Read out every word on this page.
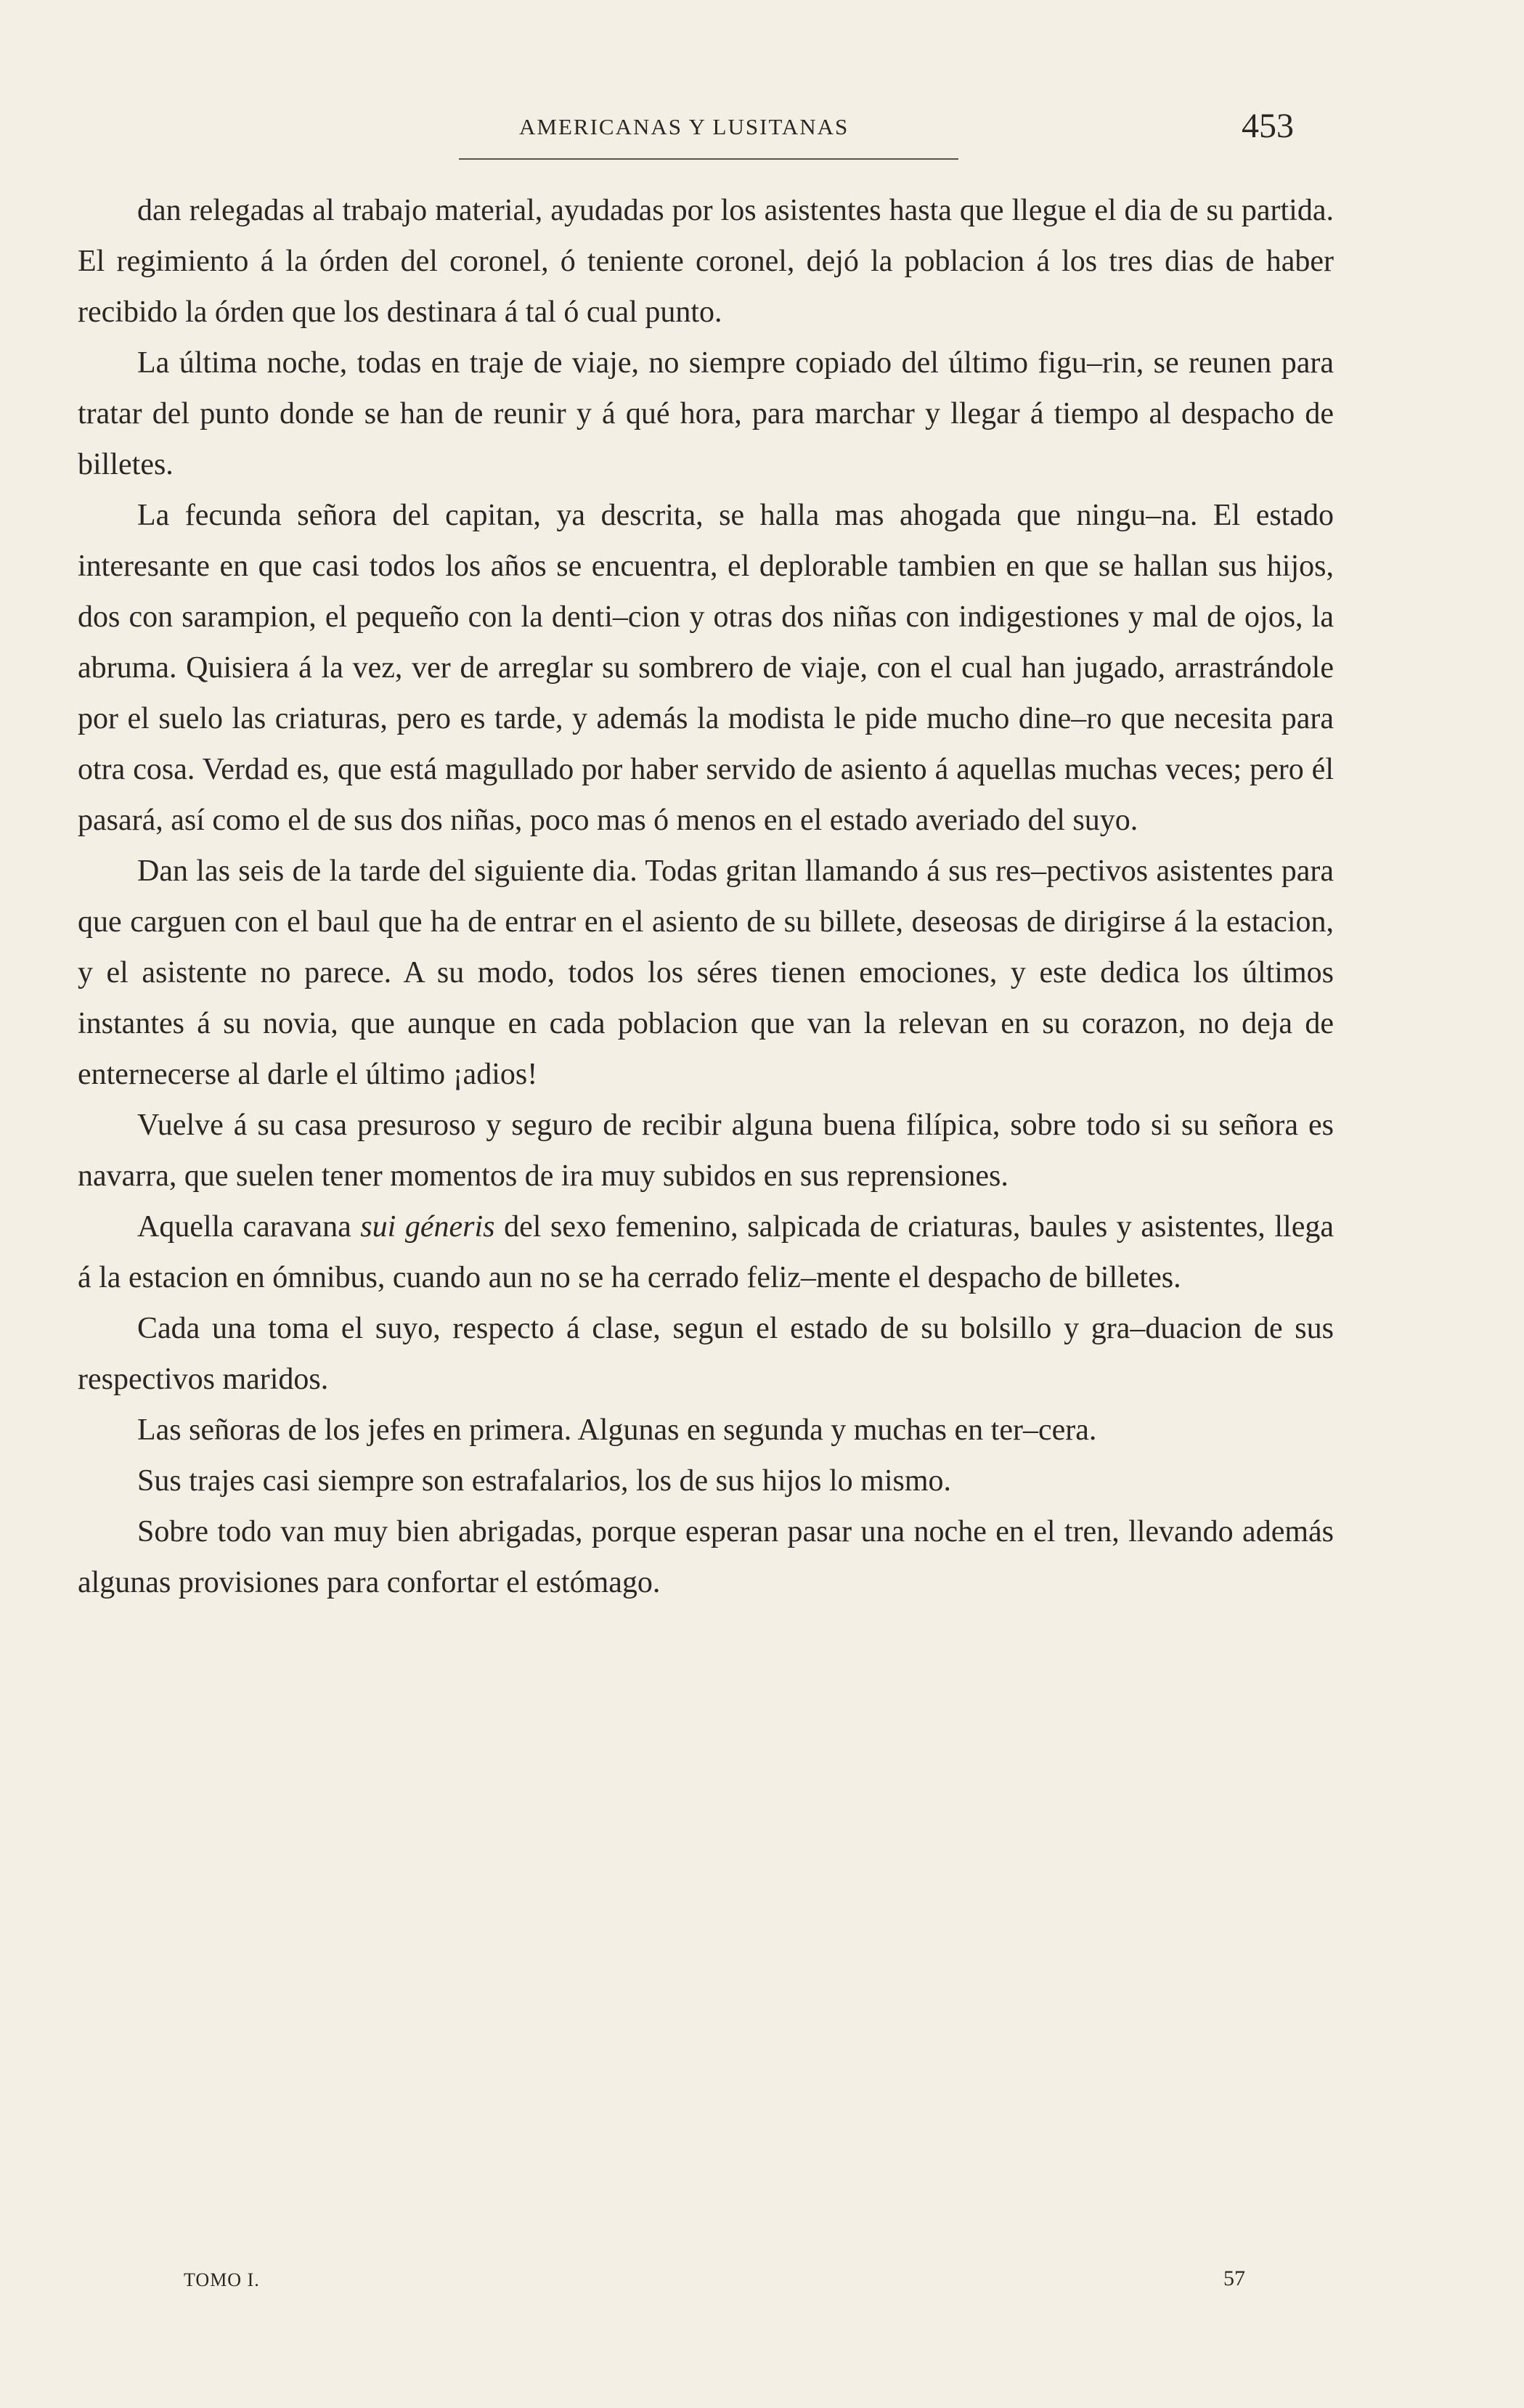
AMERICANAS Y LUSITANAS	453

dan relegadas al trabajo material, ayudadas por los asistentes hasta que llegue el dia de su partida. El regimiento á la órden del coronel, ó teniente coronel, dejó la poblacion á los tres dias de haber recibido la órden que los destinara á tal ó cual punto.

La última noche, todas en traje de viaje, no siempre copiado del último figu–rin, se reunen para tratar del punto donde se han de reunir y á qué hora, para marchar y llegar á tiempo al despacho de billetes.

La fecunda señora del capitan, ya descrita, se halla mas ahogada que ningu–na. El estado interesante en que casi todos los años se encuentra, el deplorable tambien en que se hallan sus hijos, dos con sarampion, el pequeño con la denti–cion y otras dos niñas con indigestiones y mal de ojos, la abruma. Quisiera á la vez, ver de arreglar su sombrero de viaje, con el cual han jugado, arrastrándole por el suelo las criaturas, pero es tarde, y además la modista le pide mucho dine–ro que necesita para otra cosa. Verdad es, que está magullado por haber servido de asiento á aquellas muchas veces; pero él pasará, así como el de sus dos niñas, poco mas ó menos en el estado averiado del suyo.

Dan las seis de la tarde del siguiente dia. Todas gritan llamando á sus res–pectivos asistentes para que carguen con el baul que ha de entrar en el asiento de su billete, deseosas de dirigirse á la estacion, y el asistente no parece. A su modo, todos los séres tienen emociones, y este dedica los últimos instantes á su novia, que aunque en cada poblacion que van la relevan en su corazon, no deja de enternecerse al darle el último ¡adios!

Vuelve á su casa presuroso y seguro de recibir alguna buena filípica, sobre todo si su señora es navarra, que suelen tener momentos de ira muy subidos en sus reprensiones.

Aquella caravana sui géneris del sexo femenino, salpicada de criaturas, baules y asistentes, llega á la estacion en ómnibus, cuando aun no se ha cerrado feliz–mente el despacho de billetes.

Cada una toma el suyo, respecto á clase, segun el estado de su bolsillo y gra–duacion de sus respectivos maridos.

Las señoras de los jefes en primera. Algunas en segunda y muchas en ter–cera.

Sus trajes casi siempre son estrafalarios, los de sus hijos lo mismo.

Sobre todo van muy bien abrigadas, porque esperan pasar una noche en el tren, llevando además algunas provisiones para confortar el estómago.

TOMO I.	57
